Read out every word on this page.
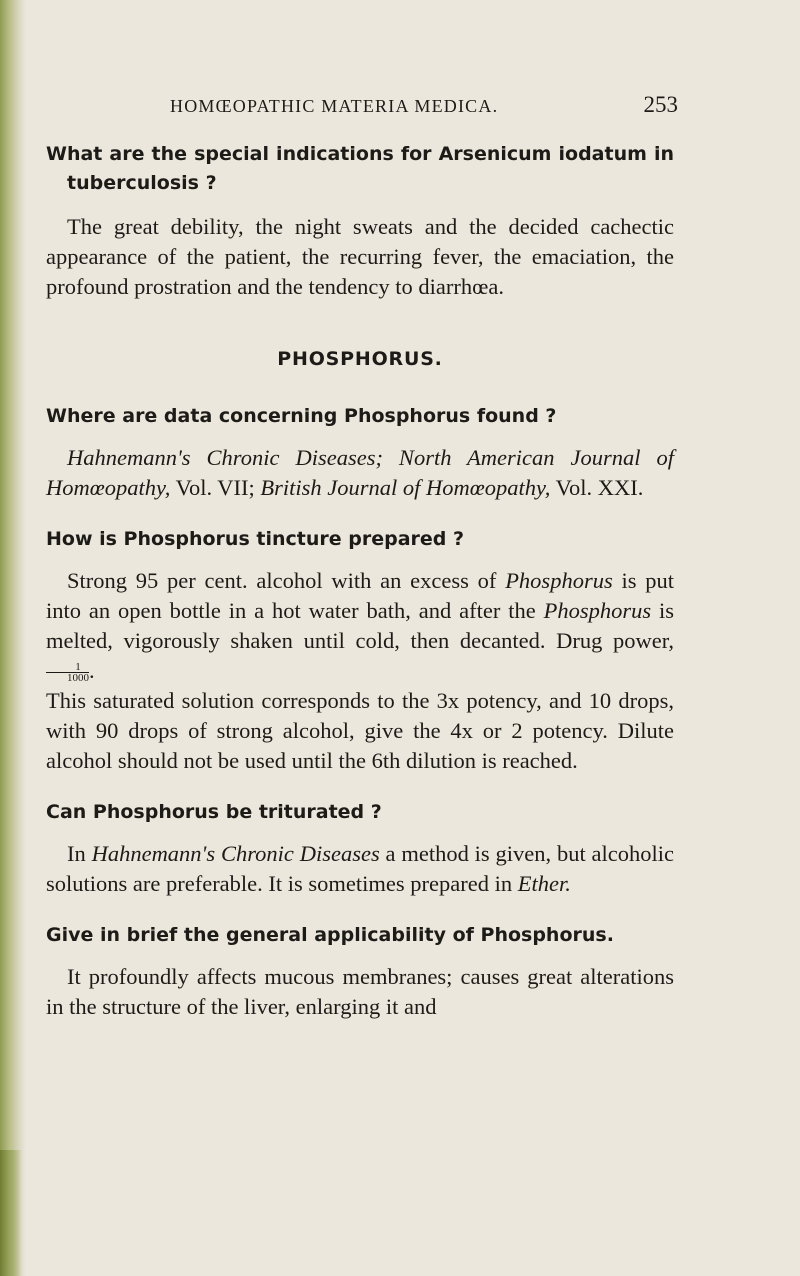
HOMŒOPATHIC MATERIA MEDICA.	253

What are the special indications for Arsenicum iodatum in tuberculosis ?

The great debility, the night sweats and the decided cachectic appearance of the patient, the recurring fever, the emaciation, the profound prostration and the tendency to diarrhœa.

PHOSPHORUS.

Where are data concerning Phosphorus found ?

Hahnemann's Chronic Diseases; North American Journal of Homœopathy, Vol. VII; British Journal of Homœopathy, Vol. XXI.

How is Phosphorus tincture prepared ?

Strong 95 per cent. alcohol with an excess of Phosphorus is put into an open bottle in a hot water bath, and after the Phosphorus is melted, vigorously shaken until cold, then decanted. Drug power,
$\frac{1}{1000}$ .

This saturated solution corresponds to the 3x potency, and 10 drops, with 90 drops of strong alcohol, give the 4x or 2 potency. Dilute alcohol should not be used until the 6th dilution is reached.

Can Phosphorus be triturated ?

In Hahnemann's Chronic Diseases a method is given, but alcoholic solutions are preferable. It is sometimes prepared in Ether.

Give in brief the general applicability of Phosphorus.

It profoundly affects mucous membranes; causes great alterations in the structure of the liver, enlarging it and
